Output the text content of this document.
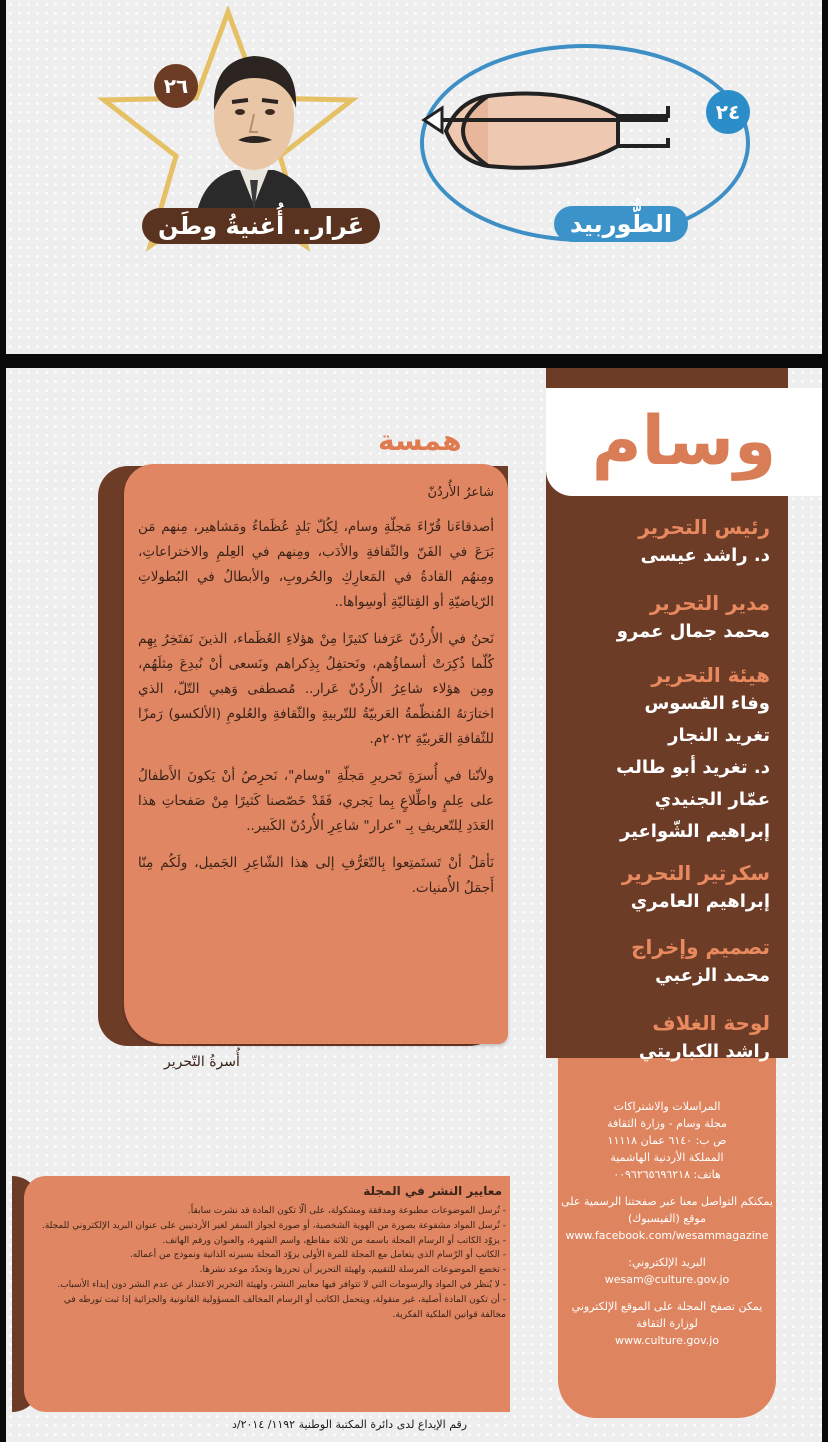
٢٦
عَرار.. أُغنيةُ وطَن
٢٤
الطُّوربيد
وسام
رئيس التحرير
د. راشد عيسى
مدير التحرير
محمد جمال عمرو
هيئة التحرير
وفاء القسوس
تغريد النجار
د. تغريد أبو طالب
عمّار الجنيدي
إبراهيم الشّواعير
سكرتير التحرير
إبراهيم العامري
تصميم وإخراج
محمد الزعبي
لوحة الغلاف
راشد الكباريتي
المراسلات والاشتراكات
مجلة وسام - وزارة الثقافة
ص ب: ٦١٤٠ عمان ١١١١٨
المملكة الأردنية الهاشمية
هاتف: ٠٠٩٦٢٦٥٦٩٦٢١٨
يمكنكم التواصل معنا عبر صفحتنا الرسمية على موقع (الفيسبوك)
www.facebook.com/wesammagazine
البريد الإلكتروني:
wesam@culture.gov.jo
يمكن تصفح المجلة على الموقع الإلكتروني لوزارة الثقافة
www.culture.gov.jo
همسة
شاعرُ الأُردُنّ

أصدقاءَنا قُرّاءَ مَجلّةِ وسام، لِكُلّ بَلدٍ عُظَماءُ ومَشاهير، مِنهم مَن بَرَعَ في الفَنّ والثّقافةِ والأدَب، ومِنهم في العِلمِ والاختراعاتِ، ومِنهُم القادةُ في المَعارِكِ والحُروبِ، والأبطالُ في البُطولاتِ الرّياضيّةِ أو القِتاليّةِ أوسِواها..

نَحنُ في الأُردُنّ عَرَفنا كثيرًا مِنْ هؤلاءِ العُظَماء، الذينَ نَفتَخِرُ بِهِم كُلّما ذُكِرَتْ أسماؤُهم، ونَحتفِلُ بِذِكراهم ونَسعى أنْ نُبدِعَ مِثلَهُم، ومِن هؤلاء شاعِرُ الأُردُنّ عَرار.. مُصطفى وَهبي التّلّ، الذي اختارَتهُ المُنظّمةُ العَربيّةُ للتّربيةِ والثّقافةِ والعُلومِ (الألكسو) رَمزًا للثّقافةِ العَربيّةِ ٢٠٢٢م.

ولأنّنا في أُسرَةِ تَحريرِ مَجلّةِ "وسام"، نَحرِصُ أنْ يَكونَ الأَطفالُ على عِلمٍ واطِّلاعٍ بِما يَجري، فَقَدْ خَصّصنا كَثيرًا مِنْ صَفحاتِ هذا العَدَدِ لِلتّعريفِ بِـ "عرار" شاعِرِ الأُردُنّ الكَبير..

نَأمَلُ أنْ تَستَمتِعوا بِالتّعَرُّفِ إلى هذا الشّاعِرِ الجَميل، ولَكُم مِنّا أَجمَلُ الأُمنيات.

أُسرةُ التّحرير
معايير النشر في المجلة
- تُرسل الموضوعات مطبوعة ومدققة ومشكولة، على ألّا تكون المادة قد نشرت سابقاً.
- تُرسل المواد مشفوعة بصورة من الهوية الشخصية، أو صورة لجواز السفر لغير الأردنيين على عنوان البريد الإلكتروني للمجلة.
- يزوّد الكاتب أو الرسام المجلة باسمه من ثلاثة مقاطع، واسم الشهرة، والعنوان ورقم الهاتف.
- الكاتب أو الرّسام الذي يتعامل مع المجلة للمرة الأولى يزوّد المجلة بسيرته الذاتية ونموذج من أعماله.
- تخضع الموضوعات المرسلة للتقييم، ولهيئة التحرير أن تحررها وتحدّد موعد نشرها.
- لا يُنظر في المواد والرسومات التي لا تتوافر فيها معايير النشر، ولهيئة التحرير الاعتذار عن عدم النشر دون إبداء الأسباب.
- أن تكون المادة أصلية، غير منقولة، ويتحمل الكاتب أو الرسام المخالف المسؤولية القانونية والجزائية إذا ثبت تورطه في مخالفة قوانين الملكية الفكرية.
رقم الإيداع لدى دائرة المكتبة الوطنية ١١٩٢/ ٢٠١٤/د
